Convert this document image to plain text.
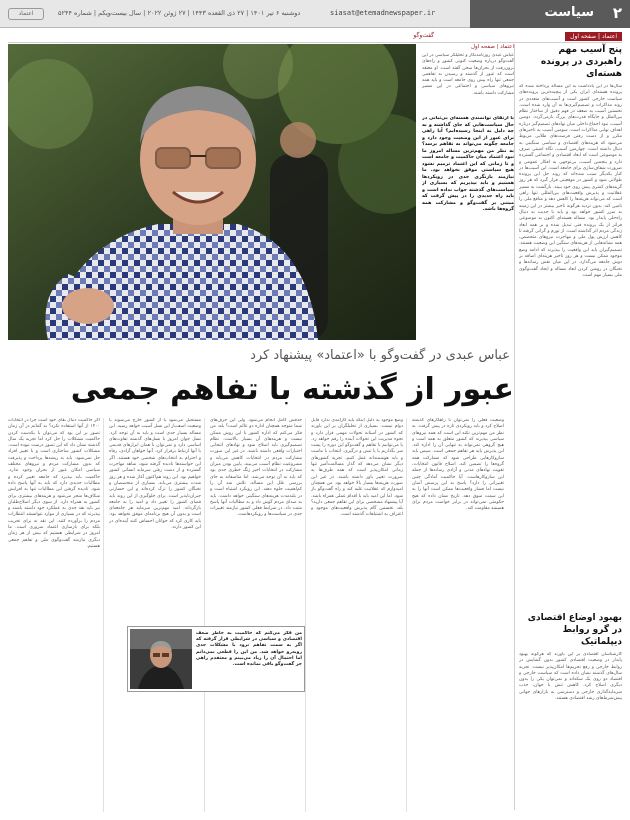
اعتماد	دوشنبه ۶ تیر ۱۴۰۱ | ۲۷ ذی القعده ۱۴۴۳ | ۲۷ ژوئن ۲۰۲۲ | سال بیست‌ویکم | شماره ۵۲۴۴	siasat@etemadnewspaper.ir	سیاست ۲
اعتماد | صفحه اول
گفت‌وگو
پنج آسیب مهم راهبردی در پرونده هسته‌ای
سال‌ها در این یادداشت به این مساله پرداخته شده که پرونده هسته‌ای ایران یکی از پیچیده‌ترین پرونده‌های سیاست خارجی کشور است و آسیب‌های متعددی در روند مذاکرات و تصمیم‌گیری‌ها به آن وارد شده است. نخستین آسیب به ضعف در فهم دقیق از ساختار نظام بین‌الملل و جایگاه قدرت‌های بزرگ بازمی‌گردد. دومین آسیب، نبود اجماع داخلی میان نهادهای تصمیم‌گیر درباره اهداف نهایی مذاکرات است. سومین آسیب به تاخیرهای مکرر و از دست رفتن فرصت‌های طلایی مربوط می‌شود که هزینه‌های اقتصادی و سیاسی سنگینی به دنبال داشته است. چهارمین آسیب، نگاه امنیتی صرف به موضوعی است که ابعاد اقتصادی و اجتماعی گسترده دارد و پنجمین آسیب، بی‌توجهی به افکار عمومی و ضرورت شفاف‌سازی برای جامعه است. این آسیب‌ها در کنار یکدیگر سبب شده‌اند که روند حل این پرونده طولانی شود و کشور در موقعیتی قرار گیرد که هر روز گزینه‌های کمتری پیش روی خود ببیند. بازگشت به مسیر عقلانیت و پذیرش واقعیت‌های بین‌المللی تنها راهی است که می‌تواند هزینه‌ها را کاهش دهد و منافع ملی را تامین کند. بدون تردید هرگونه تاخیر بیشتر در این زمینه به ضرر کشور خواهد بود و باید با جدیت به دنبال راه‌حلی پایدار بود. مساله هسته‌ای اکنون به موضوعی فراتر از یک پرونده فنی تبدیل شده و بر همه ابعاد زندگی مردم اثر گذاشته است. از تورم و گرانی گرفته تا کاهش ارزش پول ملی و مهاجرت نیروهای متخصص، همه نشانه‌هایی از هزینه‌های سنگین این وضعیت هستند. تصمیم‌گیران باید این واقعیت را بپذیرند که ادامه وضع موجود ممکن نیست و هر روز تاخیر هزینه‌ای اضافه بر دوش جامعه می‌گذارد. در این میان نقش رسانه‌ها و نخبگان در روشن کردن ابعاد مساله و ایجاد گفت‌وگوی ملی بسیار مهم است.
بهبود اوضاع اقتصادی در گرو روابط دیپلماتیک
کارشناسان اقتصادی بر این باورند که هرگونه بهبود پایدار در وضعیت اقتصادی کشور بدون گشایش در روابط خارجی و رفع تحریم‌ها امکان‌پذیر نیست. تجربه سال‌های گذشته نشان داده است که سیاست خارجی و اقتصاد دو روی یک سکه‌اند و نمی‌توان یکی را بدون دیگری اصلاح کرد. کاهش تنش با جهان، جذب سرمایه‌گذاری خارجی و دسترسی به بازارهای جهانی پیش‌شرط‌های رشد اقتصادی هستند.
اعتماد | صفحه اول
عباس عبدی روزنامه‌نگار و تحلیلگر سیاسی در این گفت‌وگو درباره وضعیت کنونی کشور و راه‌های برون‌رفت از بحران‌ها سخن گفته است. او معتقد است که عبور از گذشته و رسیدن به تفاهمی جمعی تنها راه پیش روی جامعه است و باید همه نیروهای سیاسی و اجتماعی در این مسیر مشارکت داشته باشند.
با ارتقای توانمندی هسته‌ای بی‌ثباتی در حال سیاست‌هایی که جای گذاشته و به چه دلیل به اینجا رسیده‌ایم؟ آیا راهی برای عبور از این وضعیت وجود دارد و جامعه چگونه می‌تواند به تفاهم برسد؟ به نظر من مهم‌ترین مساله امروز ما نبود اعتماد میان حاکمیت و جامعه است و تا زمانی که این اعتماد ترمیم نشود هیچ سیاستی موفق نخواهد بود. ما نیازمند بازنگری جدی در رویکردها هستیم و باید بپذیریم که بسیاری از سیاست‌های گذشته جواب نداده است و باید راه جدیدی را در پیش گرفت که مبتنی بر گفت‌وگو و مشارکت همه گروه‌ها باشد.
عباس عبدی در گفت‌وگو با «اعتماد» پیشنهاد کرد
عبور از گذشته با تفاهم جمعی
وضعیت فعلی را نمی‌توان با راهکارهای گذشته اصلاح کرد و باید رویکردی تازه در پیش گرفت. به نظر من مهم‌ترین نکته این است که همه نیروهای سیاسی بپذیرند که کشور متعلق به همه است و هیچ گروهی نمی‌تواند به تنهایی آن را اداره کند. این پذیرش پایه هر تفاهم جمعی است. سپس باید سازوکارهایی طراحی شود که مشارکت همه گروه‌ها را تضمین کند. اصلاح قانون انتخابات، تقویت نهادهای مدنی و آزادی رسانه‌ها از جمله این سازوکارهاست. آیا حاکمیت آمادگی چنین تغییراتی را دارد؟ پاسخ به این پرسش آسان نیست اما فشار واقعیت‌ها ممکن است آنها را به این سمت سوق دهد. تاریخ نشان داده که هیچ حکومتی نمی‌تواند در برابر خواست مردم برای همیشه مقاومت کند.
وضع موجود به دلیل اینکه پایه کارآمدی ندارد قابل دوام نیست. بسیاری از تحلیلگران بر این باورند که کشور در آستانه تحولات مهمی قرار دارد و نحوه مدیریت این تحولات آینده را رقم خواهد زد. یا می‌توانیم با تفاهم و گفت‌وگو این دوره را پشت سر بگذاریم یا با تنش و درگیری. انتخاب با ماست و باید هوشمندانه عمل کنیم. تجربه کشورهای دیگر نشان می‌دهد که گذار مسالمت‌آمیز تنها زمانی امکان‌پذیر است که همه طرف‌ها به ضرورت تغییر باور داشته باشند. در غیر این صورت هزینه‌ها بسیار بالا خواهد بود. من همچنان امیدوارم که عقلانیت غلبه کند و راه گفت‌وگو باز شود. اما این امید باید با اقدام عملی همراه باشد. آیا پیشنهاد مشخصی برای این تفاهم جمعی دارید؟ بله، نخستین گام پذیرش واقعیت‌های موجود و اعتراف به اشتباهات گذشته است.
حذفش کامل انجام می‌شود. ولی این حرف‌های شما متوجه همچنان اداره دو عالم است؟ بله، من فکر می‌کنم که اداره کشور با این روش ممکن نیست و هزینه‌های آن بسیار بالاست. نظام تصمیم‌گیری باید اصلاح شود و نهادهای انتخابی اختیارات واقعی داشته باشند. در غیر این صورت مشارکت مردم در انتخابات کاهش می‌یابد و مشروعیت نظام آسیب می‌بیند. پایین بودن میزان مشارکت در انتخابات اخیر زنگ خطری جدی بود که باید به آن توجه می‌شد. اما متاسفانه به جای بررسی علل این مساله، تلاش شد آن را کم‌اهمیت جلوه دهند. این رویکرد اشتباه است و در بلندمدت هزینه‌های سنگینی خواهد داشت. باید به صدای مردم گوش داد و به مطالبات آنها پاسخ مثبت داد. در شرایط فعلی کشور نیازمند تغییرات جدی در سیاست‌ها و رویکردهاست.
مستحیل می‌شود یا از کشور خارج می‌شوند یا وضعیت اسف‌بار این نسل آسیب خواهد رسید. این مساله بسیار جدی است و باید به آن توجه کرد. نسل جوان امروز با نسل‌های گذشته تفاوت‌های اساسی دارد و نمی‌توان با همان ابزارهای قدیمی با آنها ارتباط برقرار کرد. آنها خواهان آزادی، رفاه و احترام به انتخاب‌های شخصی خود هستند. اگر این خواسته‌ها نادیده گرفته شود، شاهد مهاجرت گسترده و از دست رفتن سرمایه انسانی کشور خواهیم بود. این روند هم‌اکنون آغاز شده و هر روز شدت بیشتری می‌یابد. بسیاری از متخصصان و نخبگان کشور را ترک کرده‌اند و این خسارتی جبران‌ناپذیر است. برای جلوگیری از این روند باید فضای کشور را تغییر داد و امید را به جامعه بازگرداند. امید مهم‌ترین سرمایه هر جامعه‌ای است و بدون آن هیچ برنامه‌ای موفق نخواهد بود. باید کاری کرد که جوانان احساس کنند آینده‌ای در این کشور دارند.
اگر حاکمیت دنبال بقای خود است چرا در انتخابات ۱۴۰۰ از آنها استفاده نکرد؟ به گمانم در آن زمان تصور بر این بود که می‌توان با یکدست کردن حاکمیت مشکلات را حل کرد اما تجربه یک سال گذشته نشان داد که این تصور درست نبوده است. مشکلات کشور ساختاری است و با تغییر افراد حل نمی‌شود. باید به ریشه‌ها پرداخت و پذیرفت که بدون مشارکت مردم و نیروهای مختلف سیاسی امکان عبور از بحران وجود ندارد. حاکمیت باید بپذیرد که جامعه تغییر کرده و مطالبات جدیدی دارد که باید به آنها پاسخ داده شود. نادیده گرفتن این مطالبات تنها به افزایش شکاف‌ها منجر می‌شود و هزینه‌های بیشتری برای کشور به همراه دارد. از سوی دیگر اصلاح‌طلبان نیز باید نقد جدی به عملکرد خود داشته باشند و بپذیرند که در بسیاری از موارد نتوانستند انتظارات مردم را برآورده کنند. این نقد نه برای تخریب بلکه برای بازسازی اعتماد ضروری است. ما امروز در شرایطی هستیم که بیش از هر زمان دیگری نیازمند گفت‌وگوی ملی و تفاهم جمعی هستیم.
من فکر می‌کنم که حاکمیت به خاطر ضعف اقتصادی و سیاسی در شرایطی قرار گرفته که اگر به سمت تفاهم نرود با مشکلات جدی روبه‌رو خواهد شد. من این را قطعی نمی‌دانم اما احتمال آن را زیاد می‌بینم و معتقدم راهی جز گفت‌وگو باقی نمانده است.
